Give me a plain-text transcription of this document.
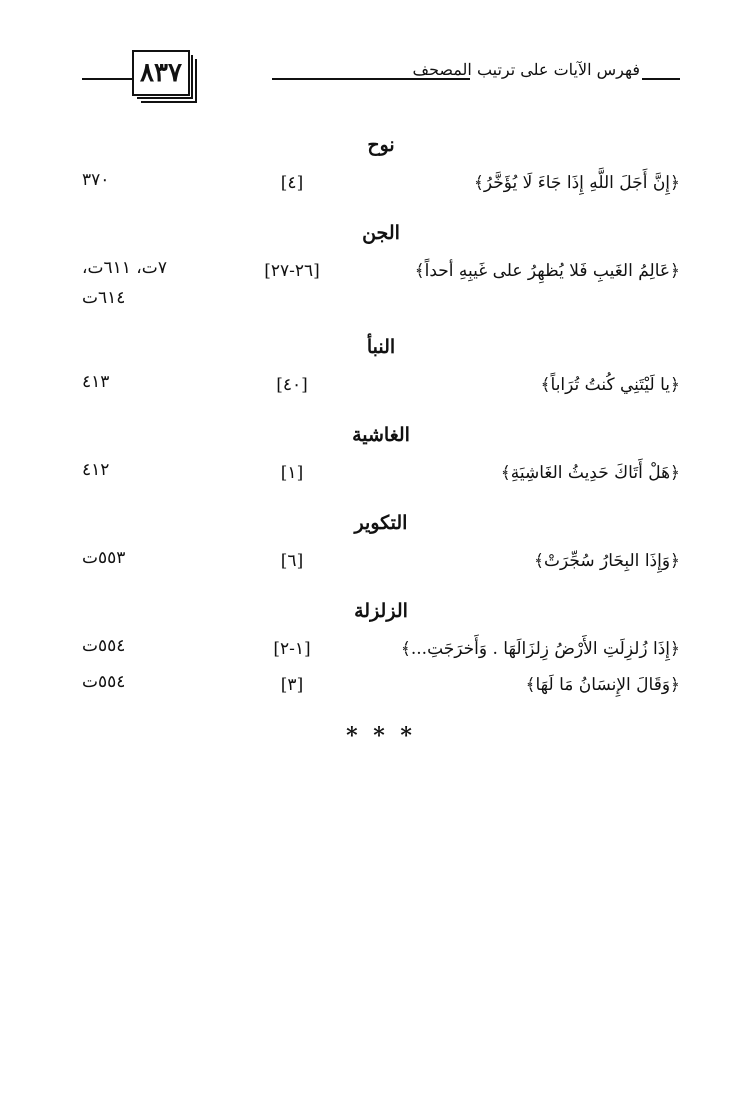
٨٣٧	فهرس الآيات على ترتيب المصحف
نوح
﴿إِنَّ أَجَلَ اللَّهِ إِذَا جَاءَ لَا يُؤَخَّرُ﴾
[٤]
٣٧٠
الجن
﴿عَالِمُ الغَيبِ فَلا يُظهِرُ على غَيبِهِ أحداً﴾
[٢٦-٢٧]
٧ت، ٦١١ت، ٦١٤ت
النبأ
﴿يا لَيْتَنِي كُنتُ تُرَاباً﴾
[٤٠]
٤١٣
الغاشية
﴿هَلْ أَتَاكَ حَدِيثُ الغَاشِيَةِ﴾
[١]
٤١٢
التكوير
﴿وَإِذَا البِحَارُ سُجِّرَتْ﴾
[٦]
٥٥٣ت
الزلزلة
﴿إِذَا زُلزِلَتِ الأَرْضُ زِلزَالَهَا . وَأَخرَجَتِ...﴾
[١-٢]
٥٥٤ت
﴿وَقَالَ الإِنسَانُ مَا لَهَا﴾
[٣]
٥٥٤ت
* * *
